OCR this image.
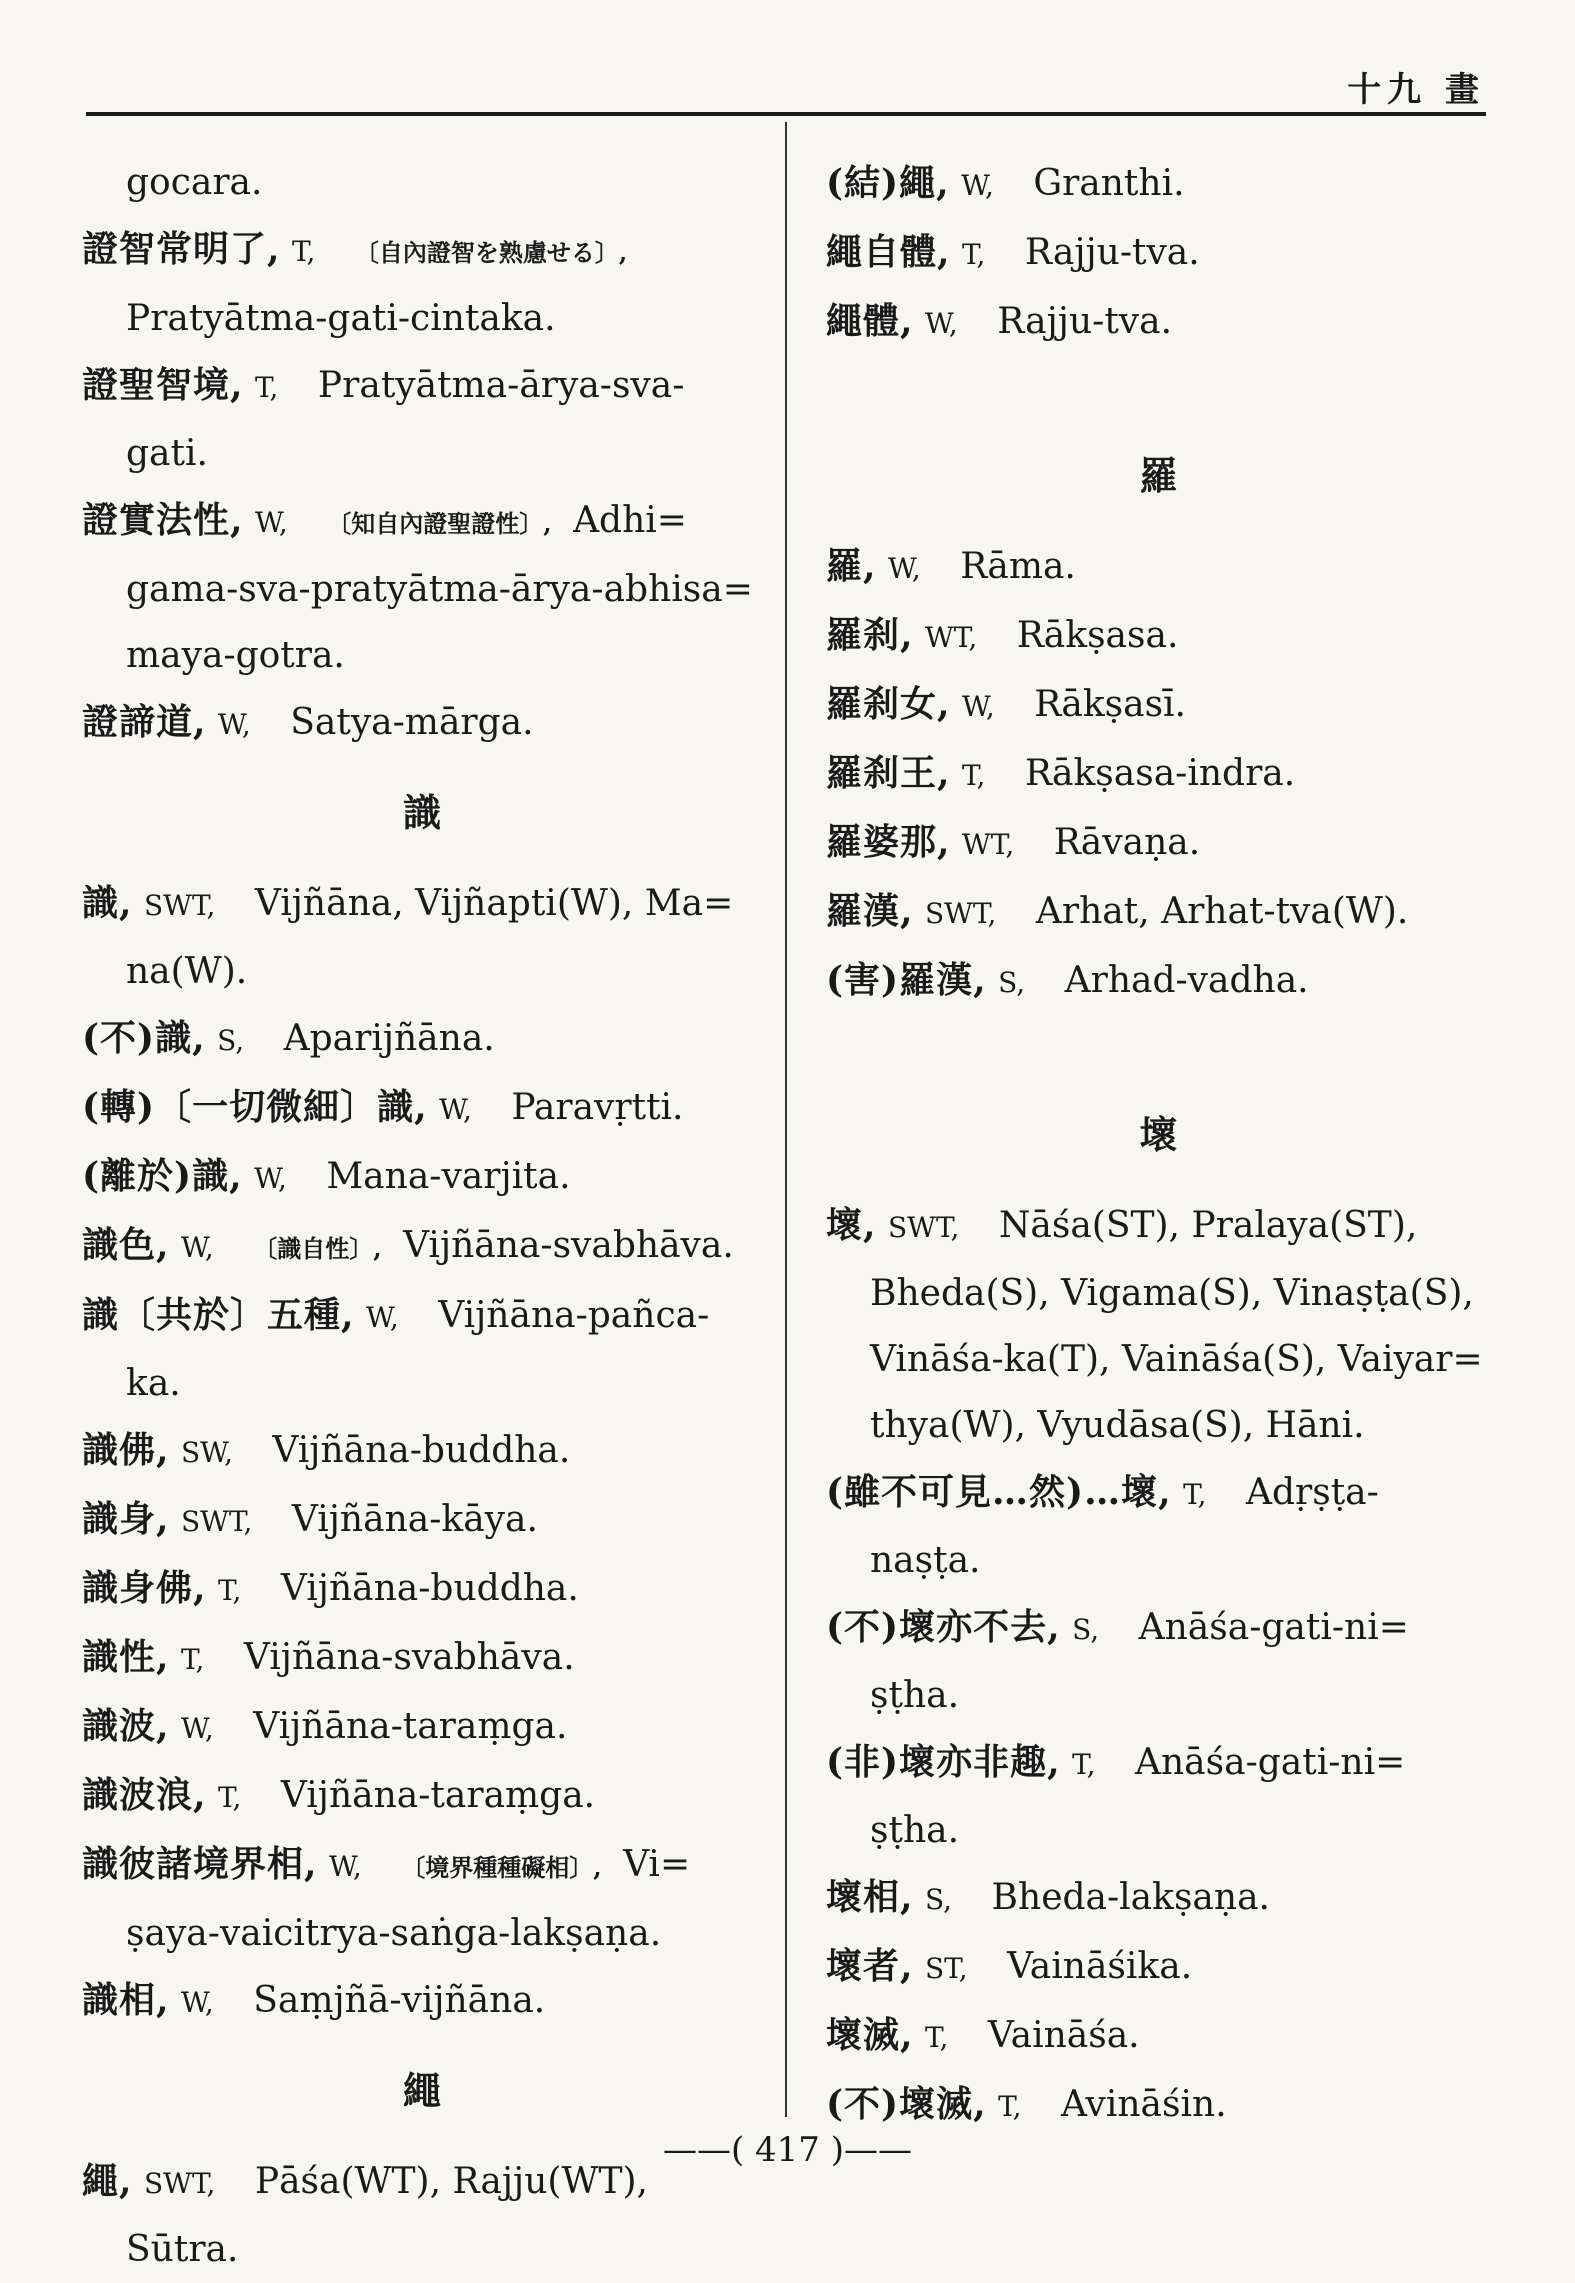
十九 畫
gocara.
證智常明了, T, 〔自內證智を熟慮せる〕,
Pratyātma-gati-cintaka.
證聖智境, T, Pratyātma-ārya-sva-
gati.
證實法性, W, 〔知自內證聖證性〕, Adhi=
gama-sva-pratyātma-ārya-abhisa=
maya-gotra.
證諦道, W, Satya-mārga.
識
識, SWT, Vijñāna, Vijñapti(W), Ma=
na(W).
(不)識, S, Aparijñāna.
(轉)〔一切微細〕識, W, Paravṛtti.
(離於)識, W, Mana-varjita.
識色, W, 〔識自性〕, Vijñāna-svabhāva.
識〔共於〕五種, W, Vijñāna-pañca-
ka.
識佛, SW, Vijñāna-buddha.
識身, SWT, Vijñāna-kāya.
識身佛, T, Vijñāna-buddha.
識性, T, Vijñāna-svabhāva.
識波, W, Vijñāna-taraṃga.
識波浪, T, Vijñāna-taraṃga.
識彼諸境界相, W, 〔境界種種礙相〕, Vi=
ṣaya-vaicitrya-saṅga-lakṣaṇa.
識相, W, Saṃjñā-vijñāna.
繩
繩, SWT, Pāśa(WT), Rajju(WT), Sūtra.
(結)繩, W, Granthi.
繩自體, T, Rajju-tva.
繩體, W, Rajju-tva.
羅
羅, W, Rāma.
羅刹, WT, Rākṣasa.
羅刹女, W, Rākṣasī.
羅刹王, T, Rākṣasa-indra.
羅婆那, WT, Rāvaṇa.
羅漢, SWT, Arhat, Arhat-tva(W).
(害)羅漢, S, Arhad-vadha.
壞
壞, SWT, Nāśa(ST), Pralaya(ST),
Bheda(S), Vigama(S), Vinaṣṭa(S),
Vināśa-ka(T), Vaināśa(S), Vaiyar=
thya(W), Vyudāsa(S), Hāni.
(雖不可見…然)…壞, T, Adṛṣṭa-
naṣṭa.
(不)壞亦不去, S, Anāśa-gati-ni=
ṣṭha.
(非)壞亦非趣, T, Anāśa-gati-ni=
ṣṭha.
壞相, S, Bheda-lakṣaṇa.
壞者, ST, Vaināśika.
壞滅, T, Vaināśa.
(不)壞滅, T, Avināśin.
——( 417 )——
